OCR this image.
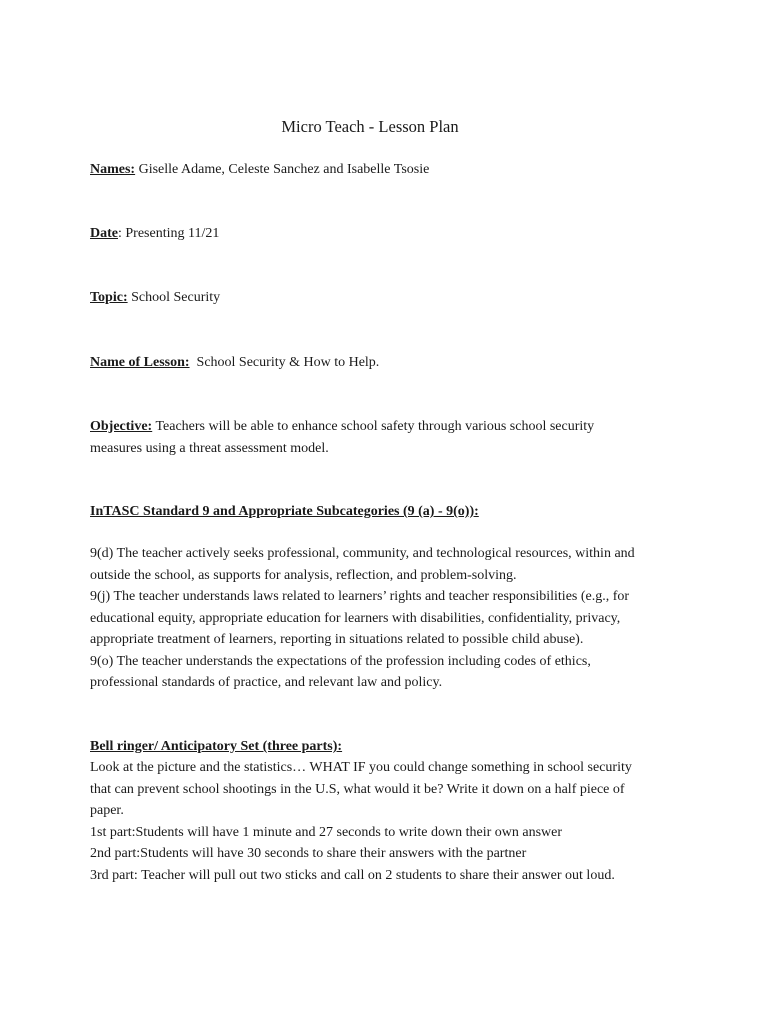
Micro Teach - Lesson Plan
Names: Giselle Adame, Celeste Sanchez and Isabelle Tsosie
Date: Presenting 11/21
Topic: School Security
Name of Lesson:  School Security & How to Help.

Objective: Teachers will be able to enhance school safety through various school security

measures using a threat assessment model.

InTASC Standard 9 and Appropriate Subcategories (9 (a) - 9(o)):

9(d) The teacher actively seeks professional, community, and technological resources, within and

outside the school, as supports for analysis, reflection, and problem-solving.

9(j) The teacher understands laws related to learners’ rights and teacher responsibilities (e.g., for

educational equity, appropriate education for learners with disabilities, confidentiality, privacy,

appropriate treatment of learners, reporting in situations related to possible child abuse).

9(o) The teacher understands the expectations of the profession including codes of ethics,

professional standards of practice, and relevant law and policy.

Bell ringer/ Anticipatory Set (three parts):

Look at the picture and the statistics… WHAT IF you could change something in school security

that can prevent school shootings in the U.S, what would it be? Write it down on a half piece of

paper.

1st part:Students will have 1 minute and 27 seconds to write down their own answer

2nd part:Students will have 30 seconds to share their answers with the partner

3rd part: Teacher will pull out two sticks and call on 2 students to share their answer out loud.
